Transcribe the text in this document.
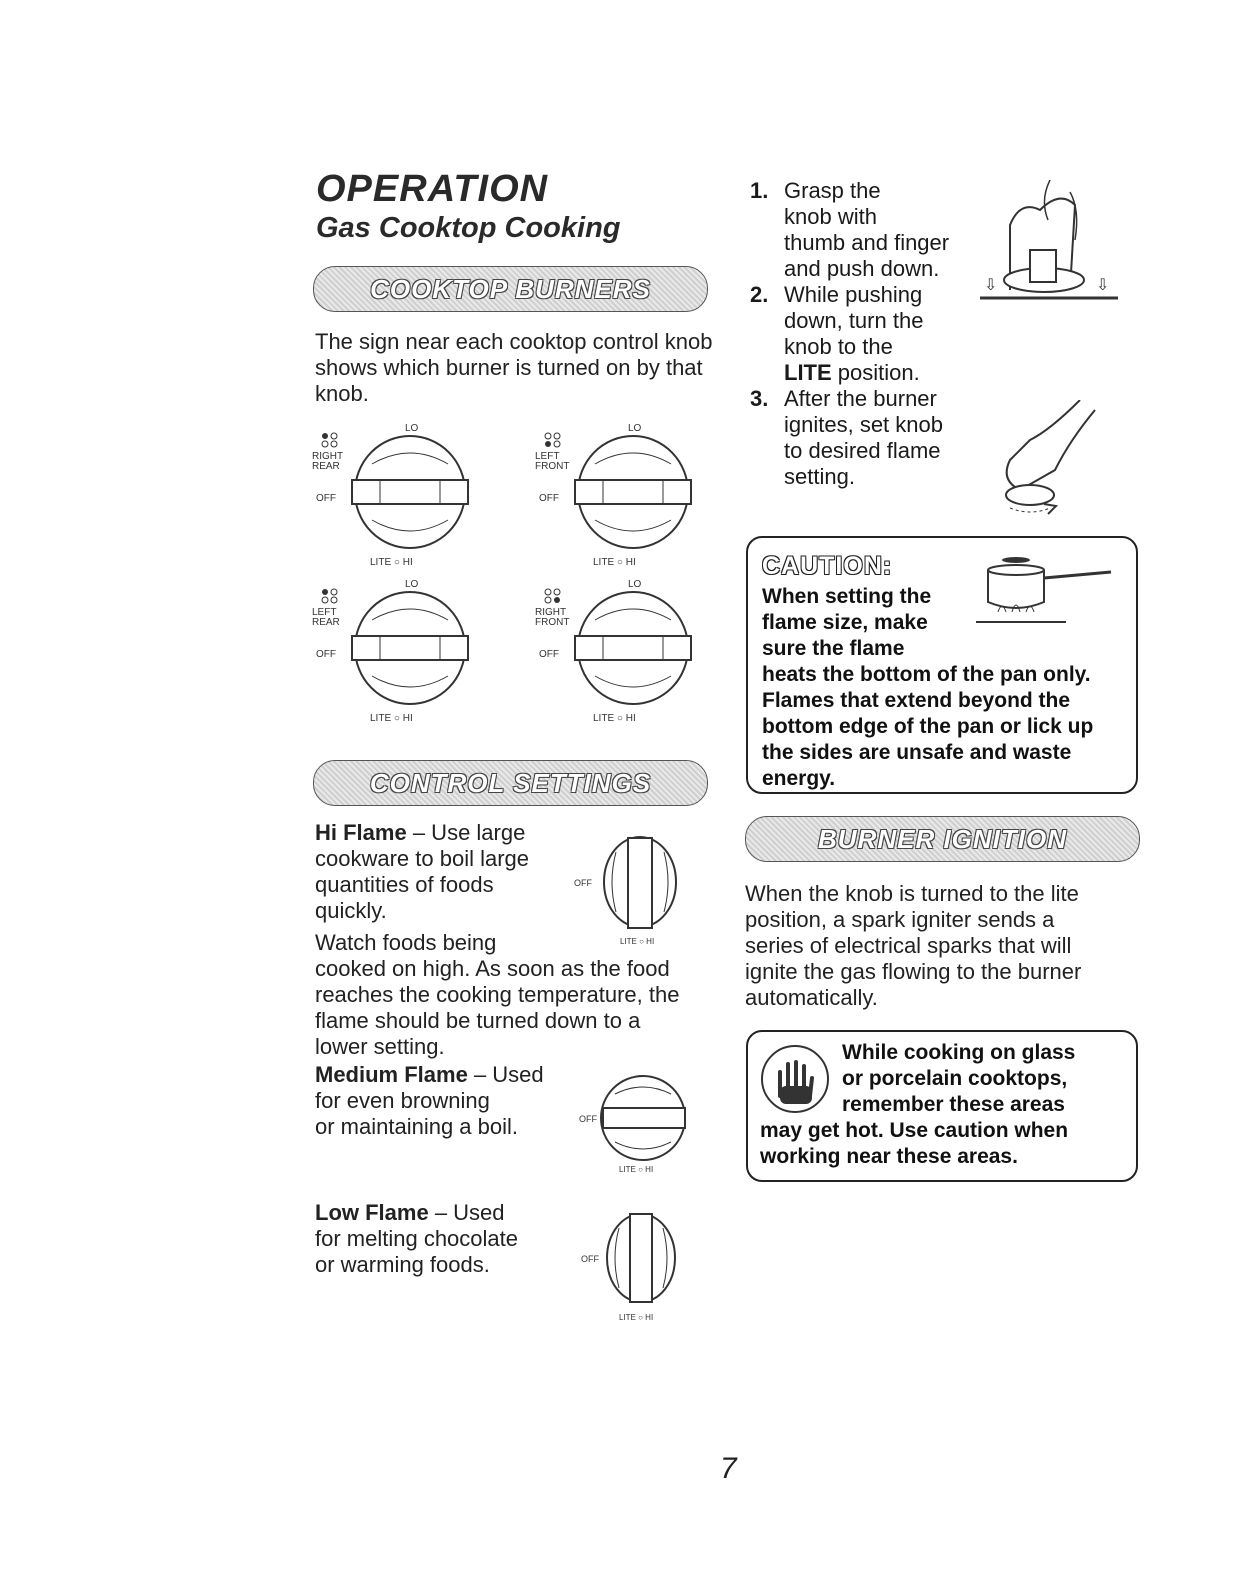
OPERATION
Gas Cooktop Cooking
COOKTOP BURNERS
The sign near each cooktop control knob shows which burner is turned on by that knob.
RIGHT
REAR
OFF
LO
LITE ○ HI
LEFT
FRONT
OFF
LO
LITE ○ HI
LEFT
REAR
OFF
LO
LITE ○ HI
RIGHT
FRONT
OFF
LO
LITE ○ HI
CONTROL SETTINGS
Hi Flame – Use large
cookware to boil large
quantities of foods
quickly.
Watch foods being
cooked on high. As soon as the food
reaches the cooking temperature, the
flame should be turned down to a
lower setting.
OFF
LITE ○ HI
Medium Flame – Used
for even browning
or maintaining a boil.	OFF
LITE ○ HI
Low Flame – Used
for melting chocolate
or warming foods.	OFF
LITE ○ HI
1. Grasp the
knob with
thumb and finger
and push down.
2. While pushing
down, turn the
knob to the
LITE position.
3. After the burner
ignites, set knob
to desired flame
setting.
⇩	⇩
CAUTION:
When setting the
flame size, make
sure the flame
heats the bottom of the pan only.
Flames that extend beyond the
bottom edge of the pan or lick up
the sides are unsafe and waste
energy.
BURNER IGNITION
When the knob is turned to the lite
position, a spark igniter sends a
series of electrical sparks that will
ignite the gas flowing to the burner
automatically.
While cooking on glass
or porcelain cooktops,
remember these areas
may get hot. Use caution when
working near these areas.
7
